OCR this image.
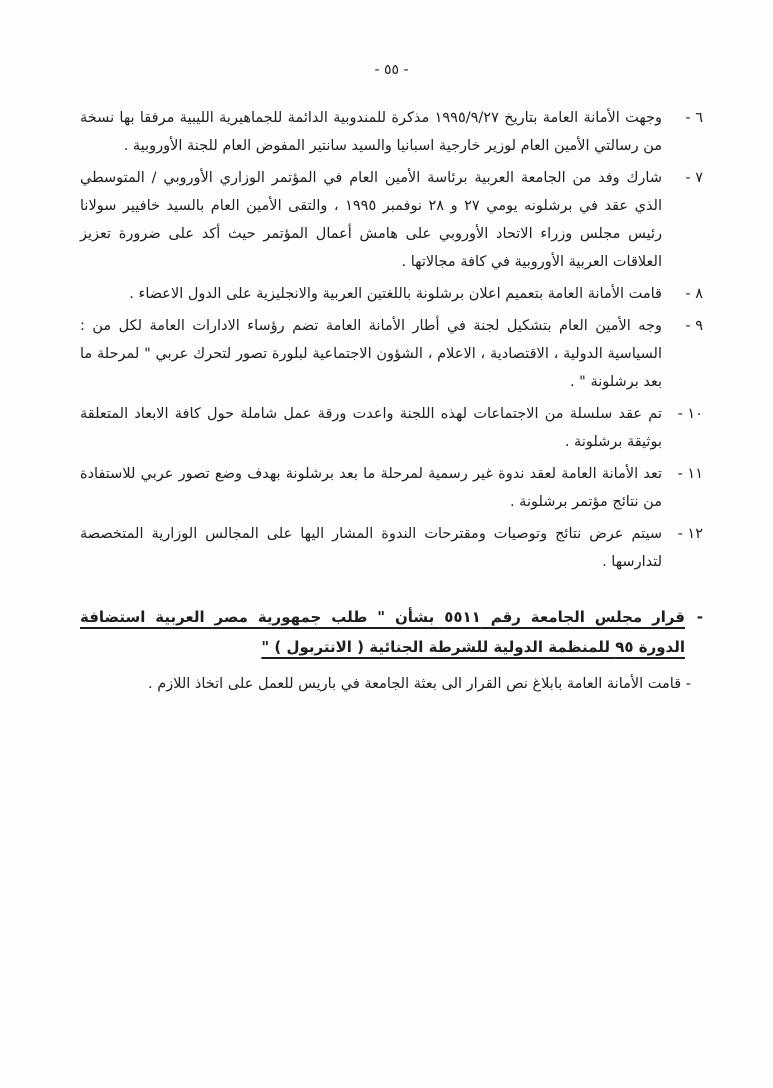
- ٥٥ -
٦ -
وجهت الأمانة العامة بتاريخ ١٩٩٥/٩/٢٧ مذكرة للمندوبية الدائمة للجماهيرية الليبية مرفقا بها نسخة من رسالتي الأمين العام لوزير خارجية اسبانيا والسيد سانتير المفوض العام للجنة الأوروبية .
٧ -
شارك وفد من الجامعة العربية برئاسة الأمين العام في المؤتمر الوزاري الأوروبي / المتوسطي الذي عقد في برشلونه يومي ٢٧ و ٢٨ نوفمبر ١٩٩٥ ، والتقى الأمين العام بالسيد خافيير سولانا رئيس مجلس وزراء الاتحاد الأوروبي على هامش أعمال المؤتمر حيث أكد على ضرورة تعزيز العلاقات العربية الأوروبية في كافة مجالاتها .
٨ -
قامت الأمانة العامة بتعميم اعلان برشلونة باللغتين العربية والانجليزية على الدول الاعضاء .
٩ -
وجه الأمين العام بتشكيل لجنة في أطار الأمانة العامة تضم رؤساء الادارات العامة لكل من : السياسية الدولية ، الاقتصادية ، الاعلام ، الشؤون الاجتماعية لبلورة تصور لتحرك عربي " لمرحلة ما بعد برشلونة " .
١٠ -
تم عقد سلسلة من الاجتماعات لهذه اللجنة واعدت ورقة عمل شاملة حول كافة الابعاد المتعلقة بوثيقة برشلونة .
١١ -
تعد الأمانة العامة لعقد ندوة غير رسمية لمرحلة ما بعد برشلونة بهدف وضع تصور عربي للاستفادة من نتائج مؤتمر برشلونة .
١٢ -
سيتم عرض نتائج وتوصيات ومقترحات الندوة المشار اليها على المجالس الوزارية المتخصصة لتدارسها .
-
قرار مجلس الجامعة رقم ٥٥١١ بشأن " طلب جمهورية مصر العربية استضافة الدورة ٩٥ للمنظمة الدولية للشرطة الجنائية ( الانتربول ) "

- قامت الأمانة العامة بابلاغ نص القرار الى بعثة الجامعة في باريس للعمل على اتخاذ اللازم .
